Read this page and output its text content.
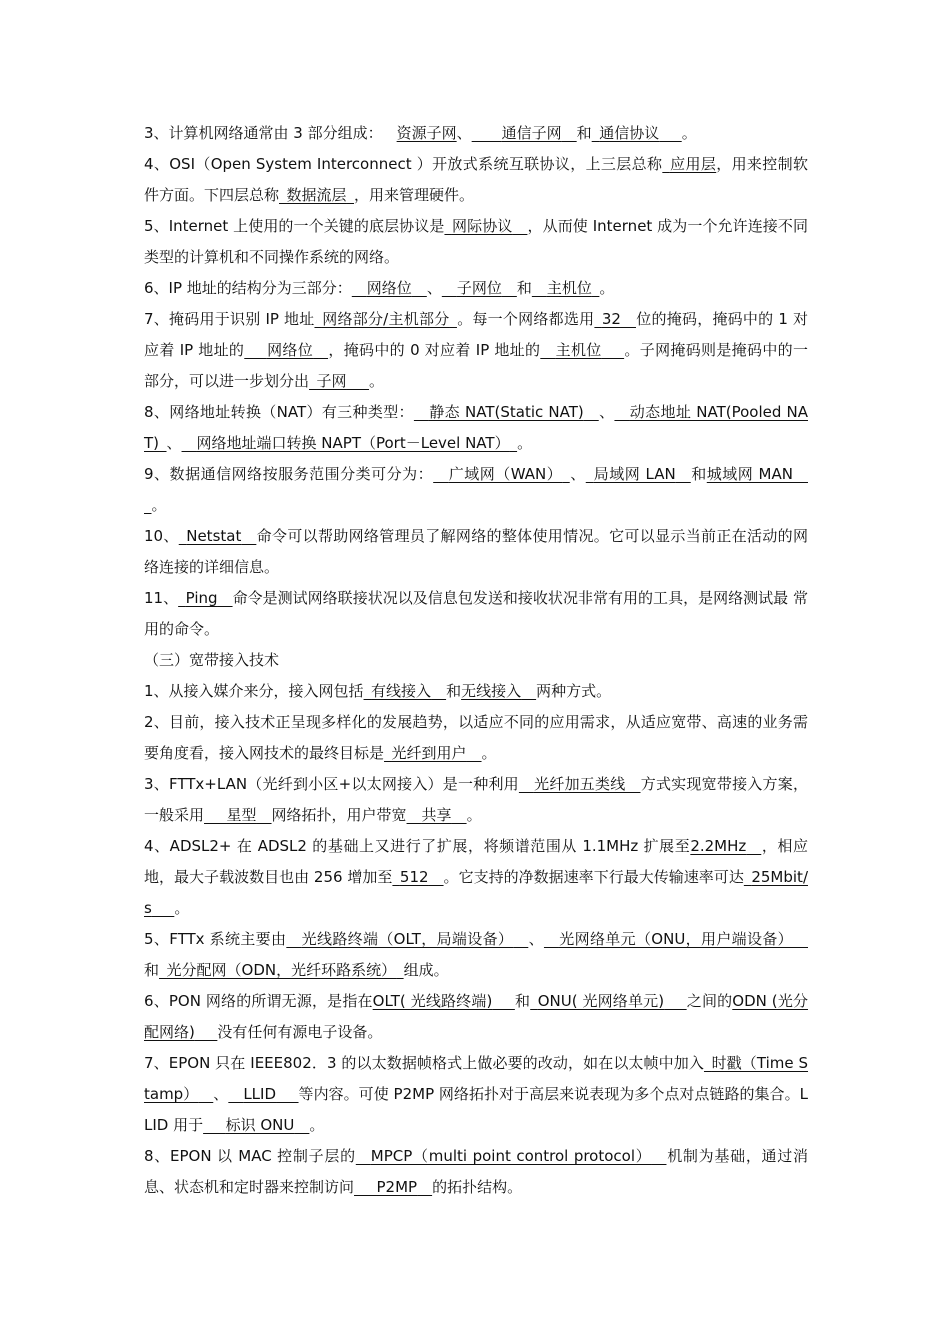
3、计算机网络通常由 3 部分组成： 资源子网、   通信子网  和  通信协议   。

4、OSI（Open System Interconnect ）开放式系统互联协议，上三层总称  应用层，用来控制软件方面。下四层总称  数据流层  ，用来管理硬件。

5、Internet 上使用的一个关键的底层协议是  网际协议   ，从而使 Internet 成为一个允许连接不同类型的计算机和不同操作系统的网络。

6、IP 地址的结构分为三部分：   网络位   、   子网位   和   主机位  。

7、掩码用于识别 IP 地址  网络部分/主机部分  。每一个网络都选用  32  位的掩码，掩码中的 1 对应着 IP 地址的   网络位   ，掩码中的 0 对应着 IP 地址的   主机位   。子网掩码则是掩码中的一部分，可以进一步划分出  子网   。

8、网络地址转换（NAT）有三种类型：   静态 NAT(Static NAT)   、   动态地址 NAT(Pooled NAT)  、   网络地址端口转换 NAPT（Port－Level NAT）  。

9、数据通信网络按服务范围分类可分为：   广域网（WAN）  、  局域网 LAN   和城域网 MAN  。

10、  Netstat  命令可以帮助网络管理员了解网络的整体使用情况。它可以显示当前正在活动的网络连接的详细信息。

11、  Ping  命令是测试网络联接状况以及信息包发送和接收状况非常有用的工具，是网络测试最 常用的命令。

（三）宽带接入技术

1、从接入媒介来分，接入网包括  有线接入   和无线接入   两种方式。

2、目前，接入技术正呈现多样化的发展趋势，以适应不同的应用需求，从适应宽带、高速的业务需要角度看，接入网技术的最终目标是  光纤到用户   。

3、FTTx+LAN（光纤到小区+以太网接入）是一种利用   光纤加五类线   方式实现宽带接入方案，一般采用   星型  网络拓扑，用户带宽  共享   。

4、ADSL2+ 在 ADSL2 的基础上又进行了扩展，将频谱范围从 1.1MHz 扩展至2.2MHz  ，相应地，最大子载波数目也由 256 增加至  512  。它支持的净数据速率下行最大传输速率可达  25Mbit/s   。

5、FTTx 系统主要由   光线路终端（OLT，局端设备）   、   光网络单元（ONU，用户端设备）  和  光分配网（ODN，光纤环路系统）  组成。

6、PON 网络的所谓无源，是指在OLT( 光线路终端)   和  ONU( 光网络单元)   之间的ODN (光分配网络)   没有任何有源电子设备。

7、EPON 只在 IEEE802．3 的以太数据帧格式上做必要的改动，如在以太帧中加入  时戳（Time Stamp）  、   LLID   等内容。可使 P2MP 网络拓扑对于高层来说表现为多个点对点链路的集合。LLID 用于   标识 ONU  。

8、EPON 以 MAC 控制子层的   MPCP（multi point control protocol）  机制为基础，通过消息、状态机和定时器来控制访问   P2MP  的拓扑结构。
